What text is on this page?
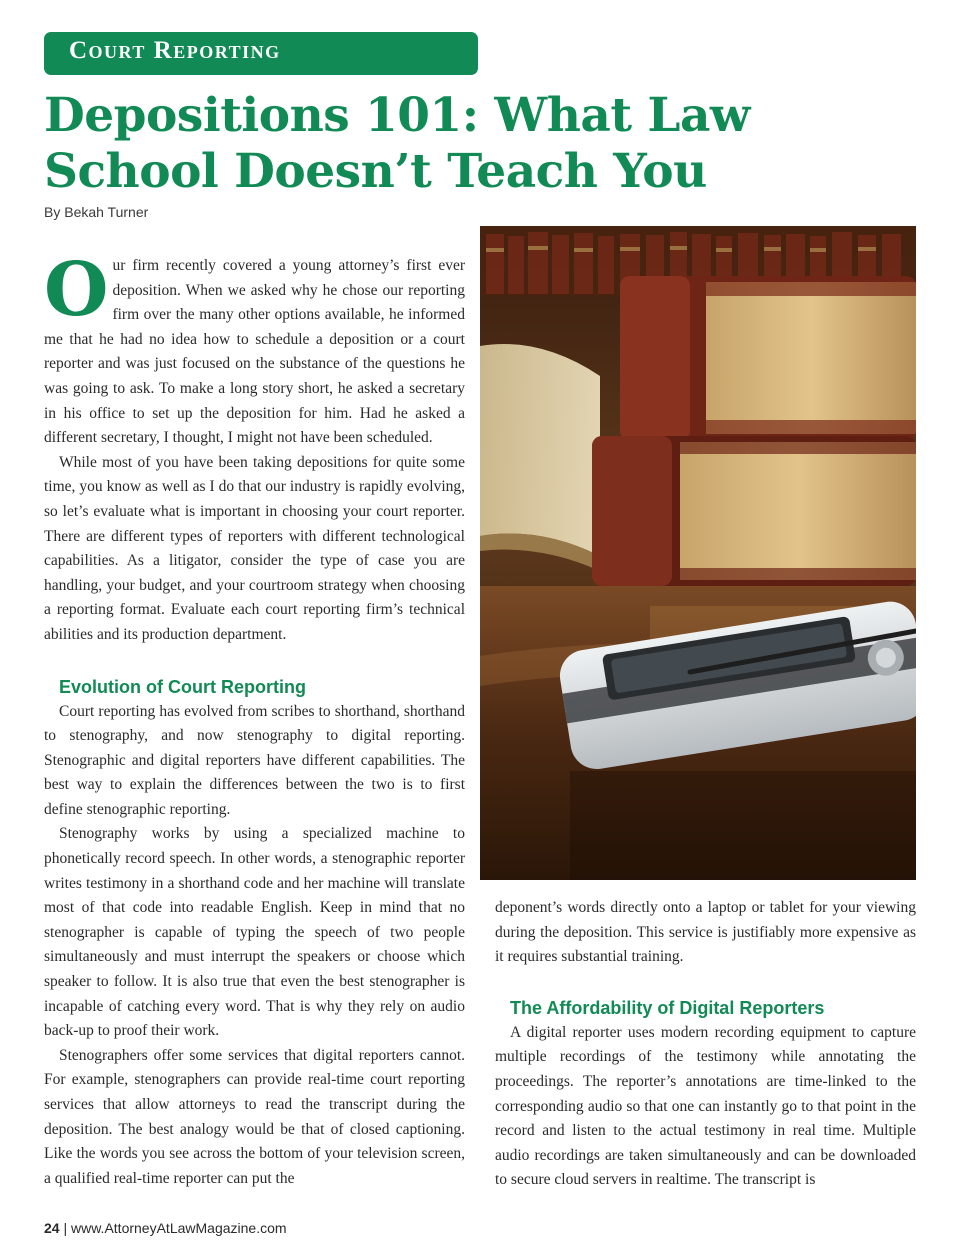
Court Reporting
Depositions 101: What Law School Doesn’t Teach You
By Bekah Turner

Our firm recently covered a young attorney’s first ever deposition. When we asked why he chose our reporting firm over the many other options available, he informed me that he had no idea how to schedule a deposition or a court reporter and was just focused on the substance of the questions he was going to ask. To make a long story short, he asked a secretary in his office to set up the deposition for him. Had he asked a different secretary, I thought, I might not have been scheduled.

While most of you have been taking depositions for quite some time, you know as well as I do that our industry is rapidly evolving, so let’s evaluate what is important in choosing your court reporter. There are different types of reporters with different technological capabilities. As a litigator, consider the type of case you are handling, your budget, and your courtroom strategy when choosing a reporting format. Evaluate each court reporting firm’s technical abilities and its production department.

Evolution of Court Reporting

Court reporting has evolved from scribes to shorthand, shorthand to stenography, and now stenography to digital reporting. Stenographic and digital reporters have different capabilities. The best way to explain the differences between the two is to first define stenographic reporting.

Stenography works by using a specialized machine to phonetically record speech. In other words, a stenographic reporter writes testimony in a shorthand code and her machine will translate most of that code into readable English. Keep in mind that no stenographer is capable of typing the speech of two people simultaneously and must interrupt the speakers or choose which speaker to follow. It is also true that even the best stenographer is incapable of catching every word. That is why they rely on audio back-up to proof their work.

Stenographers offer some services that digital reporters cannot. For example, stenographers can provide real-time court reporting services that allow attorneys to read the transcript during the deposition. The best analogy would be that of closed captioning. Like the words you see across the bottom of your television screen, a qualified real-time reporter can put the

deponent’s words directly onto a laptop or tablet for your viewing during the deposition. This service is justifiably more expensive as it requires substantial training.

The Affordability of Digital Reporters

A digital reporter uses modern recording equipment to capture multiple recordings of the testimony while annotating the proceedings. The reporter’s annotations are time-linked to the corresponding audio so that one can instantly go to that point in the record and listen to the actual testimony in real time. Multiple audio recordings are taken simultaneously and can be downloaded to secure cloud servers in realtime. The transcript is

24 | www.AttorneyAtLawMagazine.com
